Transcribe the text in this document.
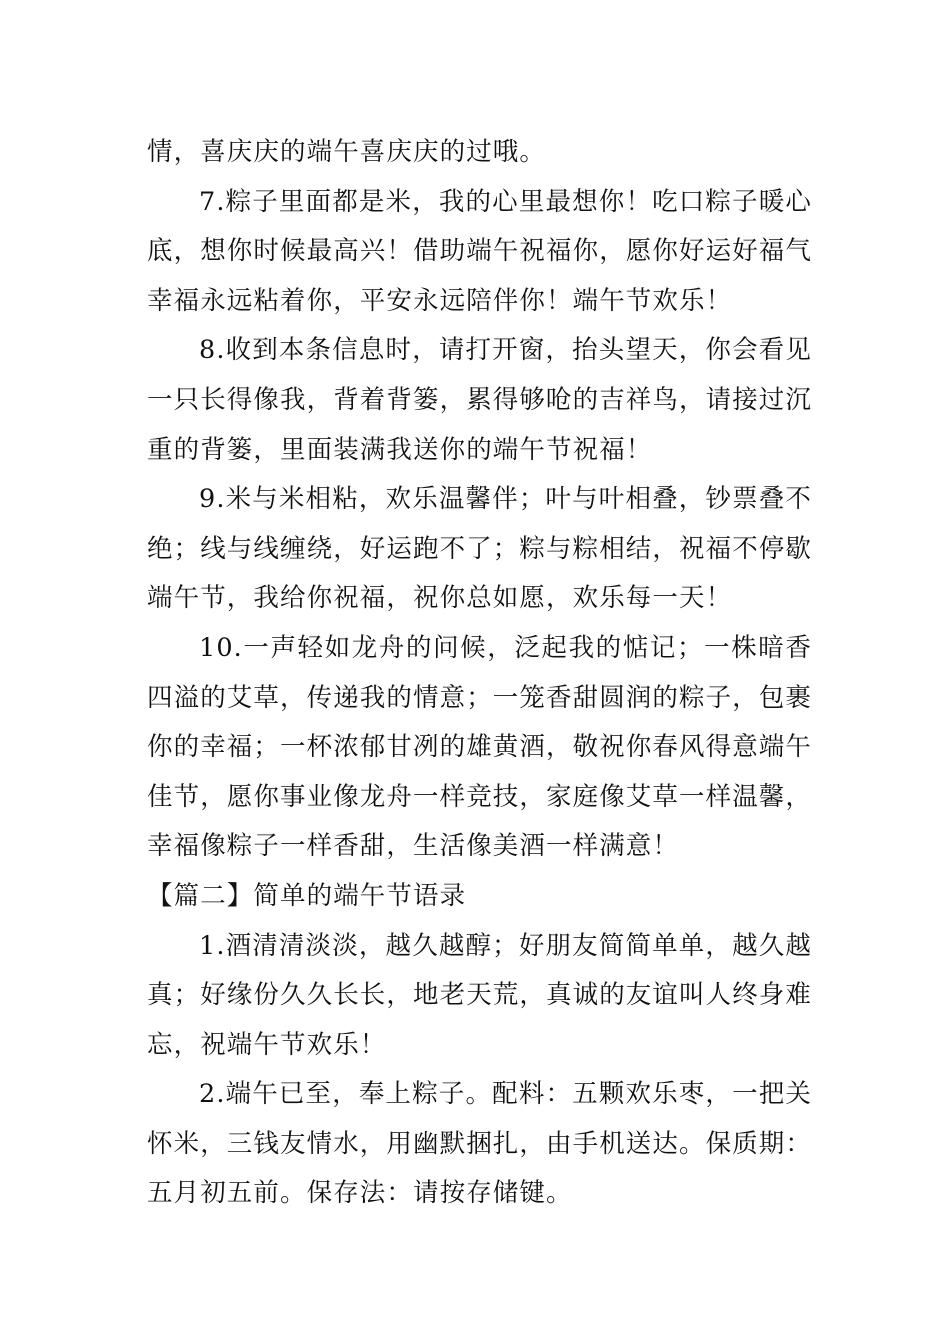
情，喜庆庆的端午喜庆庆的过哦。

7.粽子里面都是米，我的心里最想你！吃口粽子暖心底，想你时候最高兴！借助端午祝福你，愿你好运好福气幸福永远粘着你，平安永远陪伴你！端午节欢乐！

8.收到本条信息时，请打开窗，抬头望天，你会看见一只长得像我，背着背篓，累得够呛的吉祥鸟，请接过沉重的背篓，里面装满我送你的端午节祝福！

9.米与米相粘，欢乐温馨伴；叶与叶相叠，钞票叠不绝；线与线缠绕，好运跑不了；粽与粽相结，祝福不停歇端午节，我给你祝福，祝你总如愿，欢乐每一天！

10.一声轻如龙舟的问候，泛起我的惦记；一株暗香四溢的艾草，传递我的情意；一笼香甜圆润的粽子，包裹你的幸福；一杯浓郁甘冽的雄黄酒，敬祝你春风得意端午佳节，愿你事业像龙舟一样竞技，家庭像艾草一样温馨，幸福像粽子一样香甜，生活像美酒一样满意！

【篇二】简单的端午节语录

1.酒清清淡淡，越久越醇；好朋友简简单单，越久越真；好缘份久久长长，地老天荒，真诚的友谊叫人终身难忘，祝端午节欢乐！

2.端午已至，奉上粽子。配料：五颗欢乐枣，一把关怀米，三钱友情水，用幽默捆扎，由手机送达。保质期：五月初五前。保存法：请按存储键。
